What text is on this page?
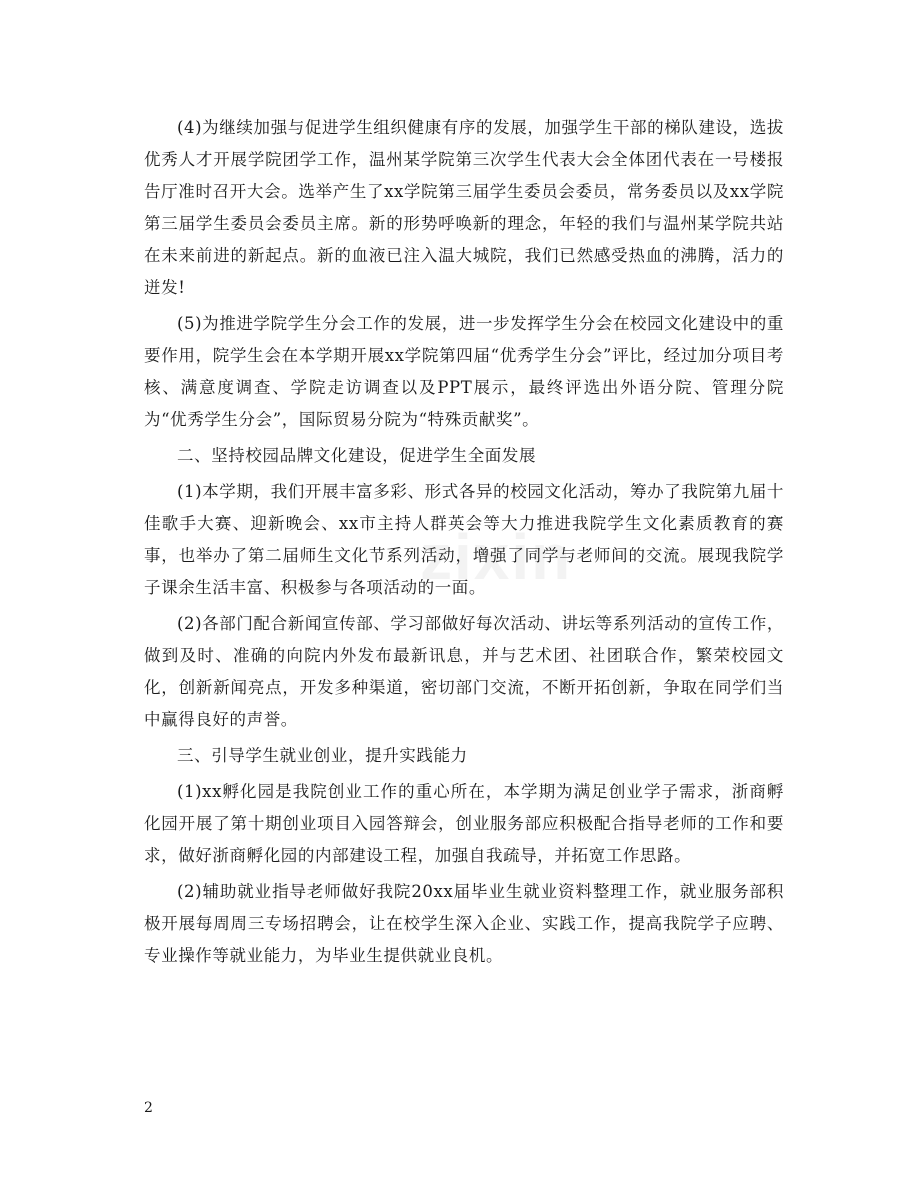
zixin

(4)为继续加强与促进学生组织健康有序的发展，加强学生干部的梯队建设，选拔优秀人才开展学院团学工作，温州某学院第三次学生代表大会全体团代表在一号楼报告厅准时召开大会。选举产生了xx学院第三届学生委员会委员，常务委员以及xx学院第三届学生委员会委员主席。新的形势呼唤新的理念，年轻的我们与温州某学院共站在未来前进的新起点。新的血液已注入温大城院，我们已然感受热血的沸腾，活力的迸发!

(5)为推进学院学生分会工作的发展，进一步发挥学生分会在校园文化建设中的重要作用，院学生会在本学期开展xx学院第四届“优秀学生分会”评比，经过加分项目考核、满意度调查、学院走访调查以及PPT展示，最终评选出外语分院、管理分院为“优秀学生分会”，国际贸易分院为“特殊贡献奖”。

二、坚持校园品牌文化建设，促进学生全面发展

(1)本学期，我们开展丰富多彩、形式各异的校园文化活动，筹办了我院第九届十佳歌手大赛、迎新晚会、xx市主持人群英会等大力推进我院学生文化素质教育的赛事，也举办了第二届师生文化节系列活动，增强了同学与老师间的交流。展现我院学子课余生活丰富、积极参与各项活动的一面。

(2)各部门配合新闻宣传部、学习部做好每次活动、讲坛等系列活动的宣传工作，做到及时、准确的向院内外发布最新讯息，并与艺术团、社团联合作，繁荣校园文化，创新新闻亮点，开发多种渠道，密切部门交流，不断开拓创新，争取在同学们当中赢得良好的声誉。

三、引导学生就业创业，提升实践能力

(1)xx孵化园是我院创业工作的重心所在，本学期为满足创业学子需求，浙商孵化园开展了第十期创业项目入园答辩会，创业服务部应积极配合指导老师的工作和要求，做好浙商孵化园的内部建设工程，加强自我疏导，并拓宽工作思路。

(2)辅助就业指导老师做好我院20xx届毕业生就业资料整理工作，就业服务部积极开展每周周三专场招聘会，让在校学生深入企业、实践工作，提高我院学子应聘、专业操作等就业能力，为毕业生提供就业良机。

2
